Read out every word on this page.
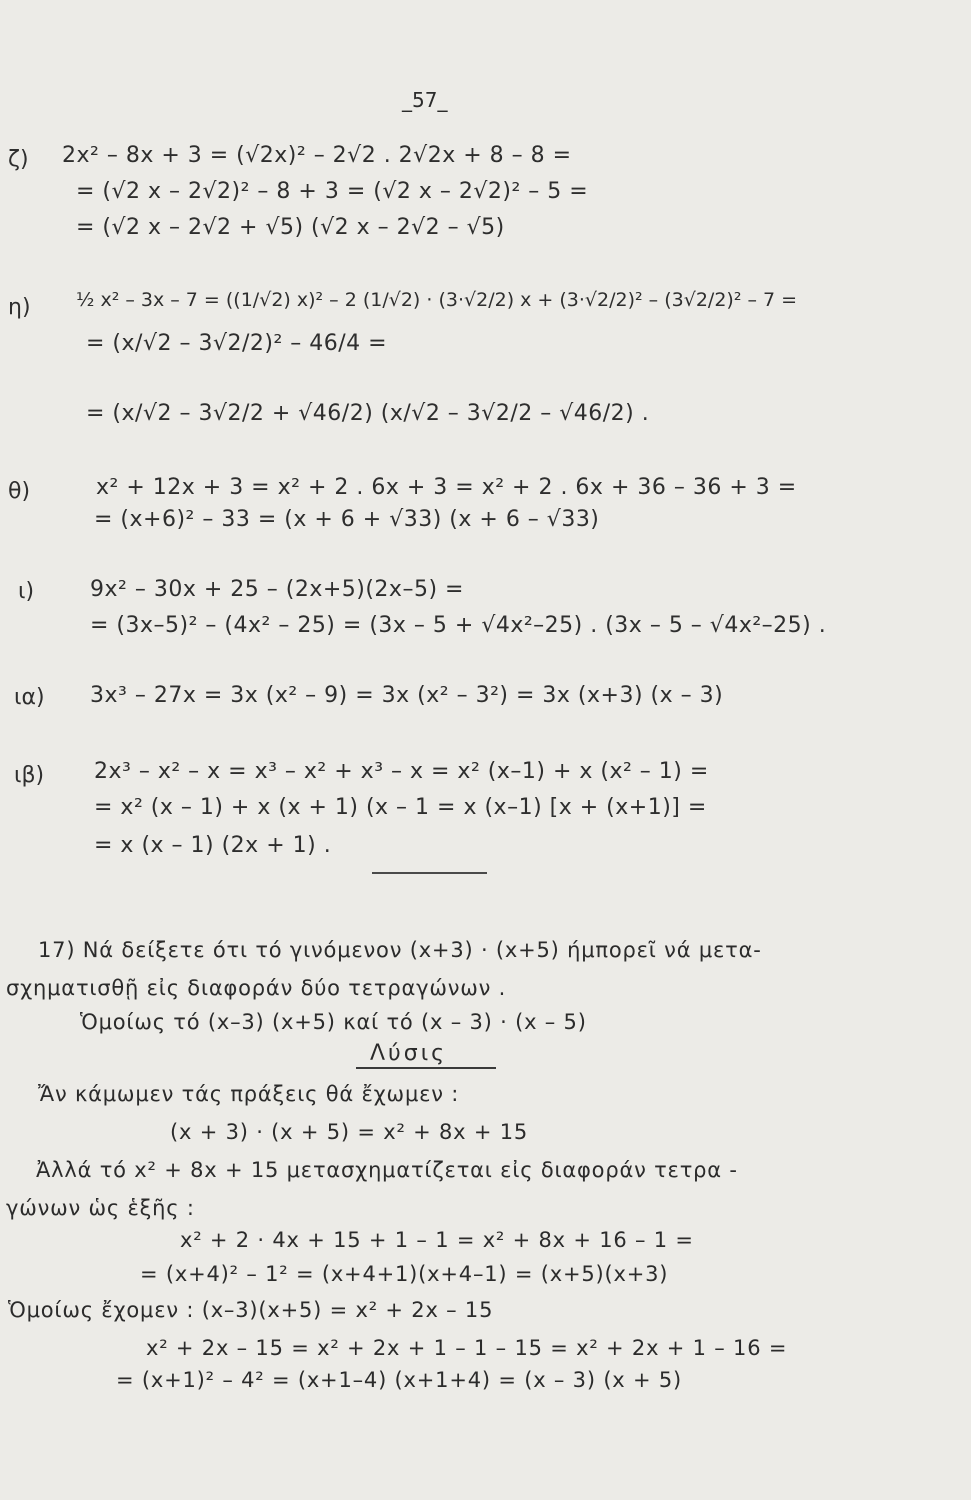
_57_
ζ) 2x² – 8x + 3 = (√2x)² – 2√2 . 2√2x + 8 – 8 =
= (√2 x – 2√2)² – 8 + 3 = (√2 x – 2√2)² – 5 =
= (√2 x – 2√2 + √5) (√2 x – 2√2 – √5)
η) ½ x² – 3x – 7 = ((1/√2) x)² – 2 (1/√2) · (3·√2/2) x + (3·√2/2)² – (3√2/2)² – 7 =
= (x/√2 – 3√2/2)² – 46/4 =
= (x/√2 – 3√2/2 + √46/2) (x/√2 – 3√2/2 – √46/2) .
θ)	x² + 12x + 3 = x² + 2 . 6x + 3 = x² + 2 . 6x + 36 – 36 + 3 =
= (x+6)² – 33 = (x + 6 + √33) (x + 6 – √33)
ι)	9x² – 30x + 25 – (2x+5)(2x–5) =
= (3x–5)² – (4x² – 25) = (3x – 5 + √4x²–25) . (3x – 5 – √4x²–25) .
ια) 3x³ – 27x = 3x (x² – 9) = 3x (x² – 3²) = 3x (x+3) (x – 3)
ιβ) 2x³ – x² – x = x³ – x² + x³ – x = x² (x–1) + x (x² – 1) =
= x² (x – 1) + x (x + 1) (x – 1 = x (x–1) [x + (x+1)] =
= x (x – 1) (2x + 1) .
17) Νά δείξετε ότι τό γινόμενον (x+3) · (x+5) ήμπορεῖ νά μετα-
σχηματισθῇ εἰς διαφοράν δύο τετραγώνων .
Ὁμοίως τό (x–3) (x+5) καί τό (x – 3) · (x – 5)
Λύσις
Ἄν κάμωμεν τάς πράξεις θά ἔχωμεν :
(x + 3) · (x + 5) = x² + 8x + 15
Ἀλλά τό x² + 8x + 15 μετασχηματίζεται εἰς διαφοράν τετρα -
γώνων ὡς ἑξῆς :
x² + 2 · 4x + 15 + 1 – 1 = x² + 8x + 16 – 1 =
= (x+4)² – 1² = (x+4+1)(x+4–1) = (x+5)(x+3)
Ὁμοίως ἔχομεν : (x–3)(x+5) = x² + 2x – 15
x² + 2x – 15 = x² + 2x + 1 – 1 – 15 = x² + 2x + 1 – 16 =
= (x+1)² – 4² = (x+1–4) (x+1+4) = (x – 3) (x + 5)
